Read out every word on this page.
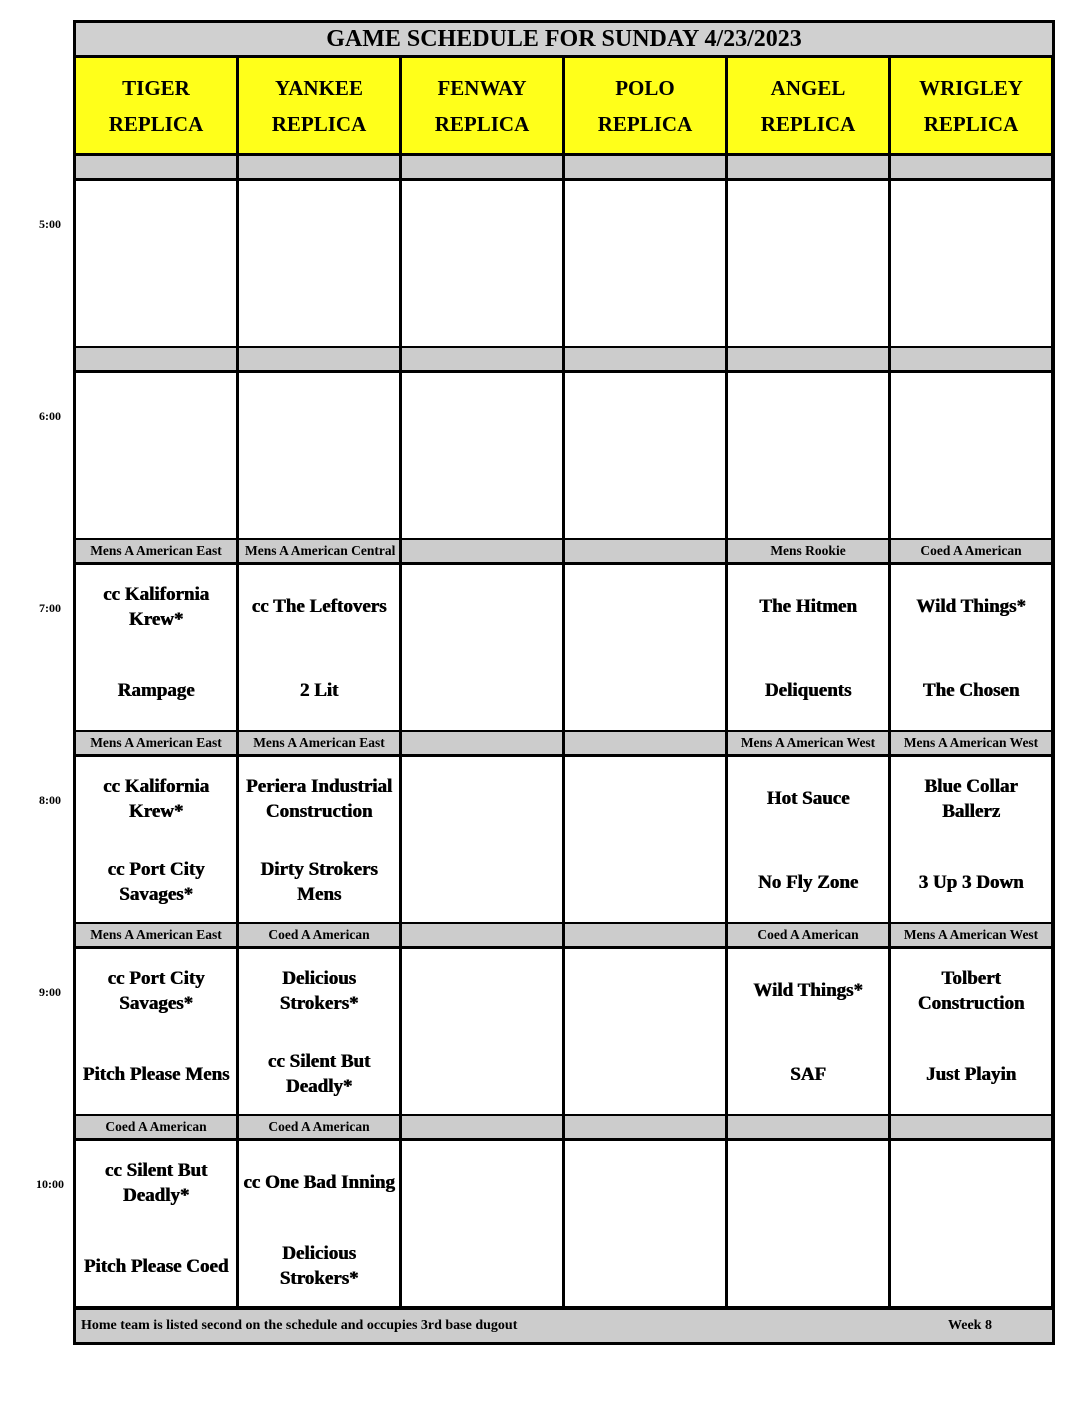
GAME SCHEDULE FOR SUNDAY 4/23/2023
TIGER
REPLICA
YANKEE
REPLICA
FENWAY
REPLICA
POLO
REPLICA
ANGEL
REPLICA
WRIGLEY
REPLICA
Home team is listed second on the schedule and occupies 3rd base dugout	Week 8
Mens A American East
cc Kalifornia Krew*
Rampage
Mens A American Central
cc The Leftovers
2 Lit
Mens Rookie
The Hitmen
Deliquents
Coed A American
Wild Things*
The Chosen
Mens A American East
cc Kalifornia Krew*
cc Port City Savages*
Mens A American East
Periera Industrial Construction
Dirty Strokers Mens
Mens A American West
Hot Sauce
No Fly Zone
Mens A American West
Blue Collar Ballerz
3 Up 3 Down
Mens A American East
cc Port City Savages*
Pitch Please Mens
Coed A American
Delicious Strokers*
cc Silent But Deadly*
Coed A American
Wild Things*
SAF
Mens A American West
Tolbert Construction
Just Playin
Coed A American
cc Silent But Deadly*
Pitch Please Coed
Coed A American
cc One Bad Inning
Delicious Strokers*
5:00
6:00
7:00
8:00
9:00
10:00
